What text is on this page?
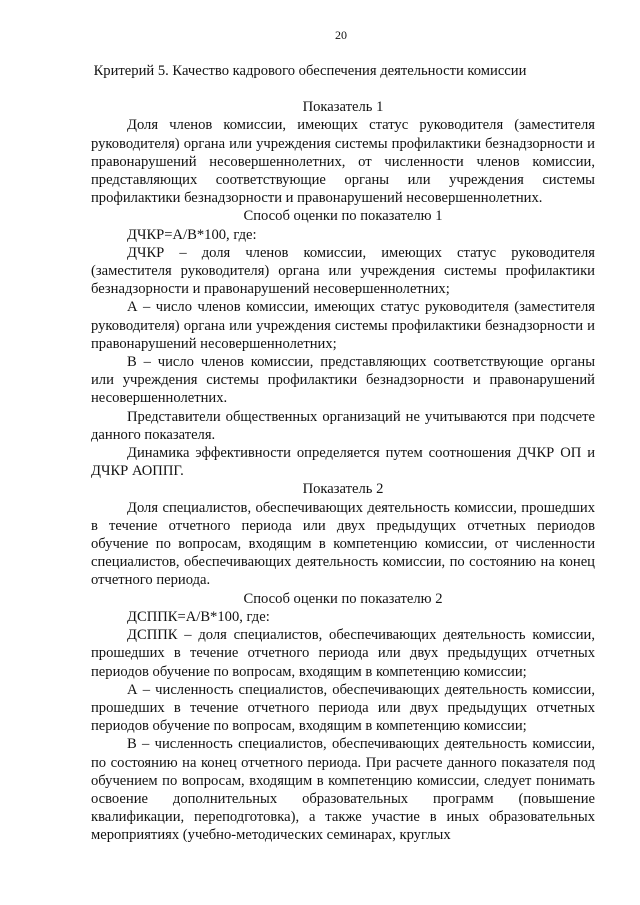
20

Критерий 5. Качество кадрового обеспечения деятельности комиссии

Показатель 1

Доля членов комиссии, имеющих статус руководителя (заместителя руководителя) органа или учреждения системы профилактики безнадзорности и правонарушений несовершеннолетних, от численности членов комиссии, представляющих соответствующие органы или учреждения системы профилактики безнадзорности и правонарушений несовершеннолетних.

Способ оценки по показателю 1

ДЧКР=А/В*100, где:

ДЧКР – доля членов комиссии, имеющих статус руководителя (заместителя руководителя) органа или учреждения системы профилактики безнадзорности и правонарушений несовершеннолетних;

А – число членов комиссии, имеющих статус руководителя (заместителя руководителя) органа или учреждения системы профилактики безнадзорности и правонарушений несовершеннолетних;

В – число членов комиссии, представляющих соответствующие органы или учреждения системы профилактики безнадзорности и правонарушений несовершеннолетних.

Представители общественных организаций не учитываются при подсчете данного показателя.

Динамика эффективности определяется путем соотношения ДЧКР ОП и ДЧКР АОППГ.

Показатель 2

Доля специалистов, обеспечивающих деятельность комиссии, прошедших в течение отчетного периода или двух предыдущих отчетных периодов обучение по вопросам, входящим в компетенцию комиссии, от численности специалистов, обеспечивающих деятельность комиссии, по состоянию на конец отчетного периода.

Способ оценки по показателю 2

ДСППК=А/В*100, где:

ДСППК – доля специалистов, обеспечивающих деятельность комиссии, прошедших в течение отчетного периода или двух предыдущих отчетных периодов обучение по вопросам, входящим в компетенцию комиссии;

А – численность специалистов, обеспечивающих деятельность комиссии, прошедших в течение отчетного периода или двух предыдущих отчетных периодов обучение по вопросам, входящим в компетенцию комиссии;

В – численность специалистов, обеспечивающих деятельность комиссии, по состоянию на конец отчетного периода. При расчете данного показателя под обучением по вопросам, входящим в компетенцию комиссии, следует понимать освоение дополнительных образовательных программ (повышение квалификации, переподготовка), а также участие в иных образовательных мероприятиях (учебно-методических семинарах, круглых
